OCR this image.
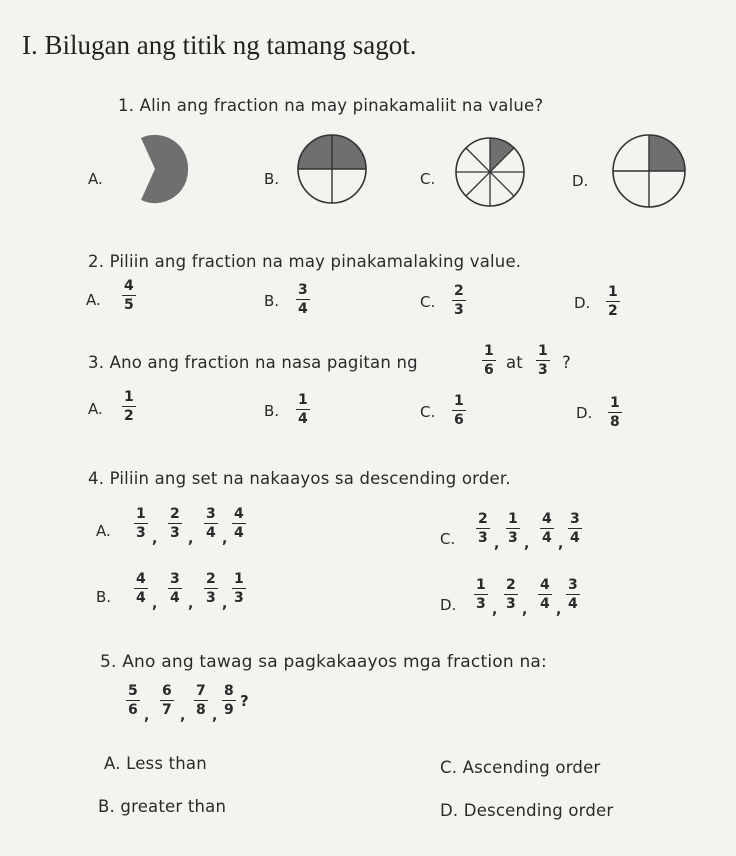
I. Bilugan ang titik ng tamang sagot.
1. Alin ang fraction na may pinakamaliit na value?
A.	B.	C.	D.
2. Piliin ang fraction na may pinakamalaking value.
A.
4
5	B.
3
4	C.
2
3	D.
1
2
3. Ano ang fraction na nasa pagitan ng
1
6 at
1
3 ?
A.
1
2	B.
1
4	C.
1
6	D.
1
8
4. Piliin ang set na nakaayos sa descending order.
A.
1
3 ,
2
3 ,
3
4 ,
4
4	C.
2
3 ,
1
3 ,
4
4 ,
3
4
B.
4
4 ,
3
4 ,
2
3 ,
1
3	D.
1
3 ,
2
3 ,
4
4 ,
3
4
5. Ano ang tawag sa pagkakaayos mga fraction na:
5
6 ,
6
7 ,
7
8 ,
8
9 ?
A. Less than	C. Ascending order
B. greater than	D. Descending order
